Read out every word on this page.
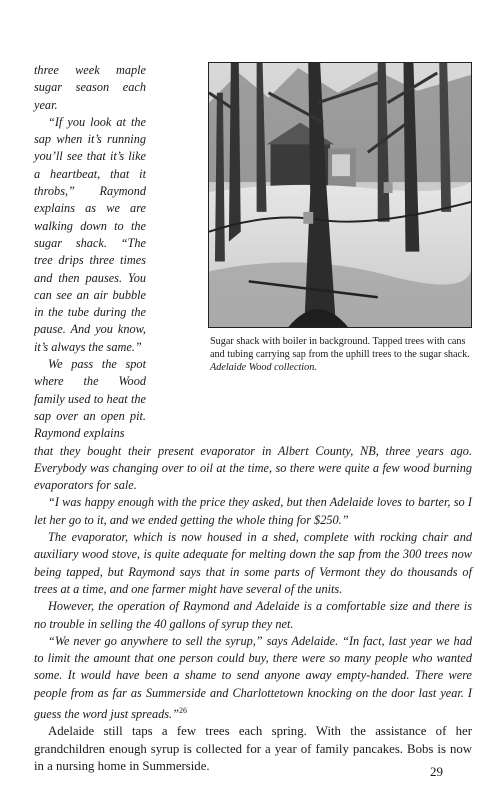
Sugar shack with boiler in background. Tapped trees with cans and tubing carrying sap from the uphill trees to the sugar shack. Adelaide Wood collection.

three week maple sugar season each year.

“If you look at the sap when it’s running you’ll see that it’s like a heartbeat, that it throbs,” Raymond explains as we are walking down to the sugar shack. “The tree drips three times and then pauses. You can see an air bubble in the tube during the pause. And you know, it’s always the same.”

We pass the spot where the Wood family used to heat the sap over an open pit. Raymond explains

that they bought their present evaporator in Albert County, NB, three years ago. Everybody was changing over to oil at the time, so there were quite a few wood burning evaporators for sale.

“I was happy enough with the price they asked, but then Adelaide loves to barter, so I let her go to it, and we ended getting the whole thing for $250.”

The evaporator, which is now housed in a shed, complete with rocking chair and auxiliary wood stove, is quite adequate for melting down the sap from the 300 trees now being tapped, but Raymond says that in some parts of Vermont they do thousands of trees at a time, and one farmer might have several of the units.

However, the operation of Raymond and Adelaide is a comfortable size and there is no trouble in selling the 40 gallons of syrup they net.

“We never go anywhere to sell the syrup,” says Adelaide. “In fact, last year we had to limit the amount that one person could buy, there were so many people who wanted some. It would have been a shame to send anyone away empty-handed. There were people from as far as Summerside and Charlottetown knocking on the door last year. I guess the word just spreads.”$^{26}$

Adelaide still taps a few trees each spring. With the assistance of her grandchildren enough syrup is collected for a year of family pancakes. Bobs is now in a nursing home in Summerside.	29
